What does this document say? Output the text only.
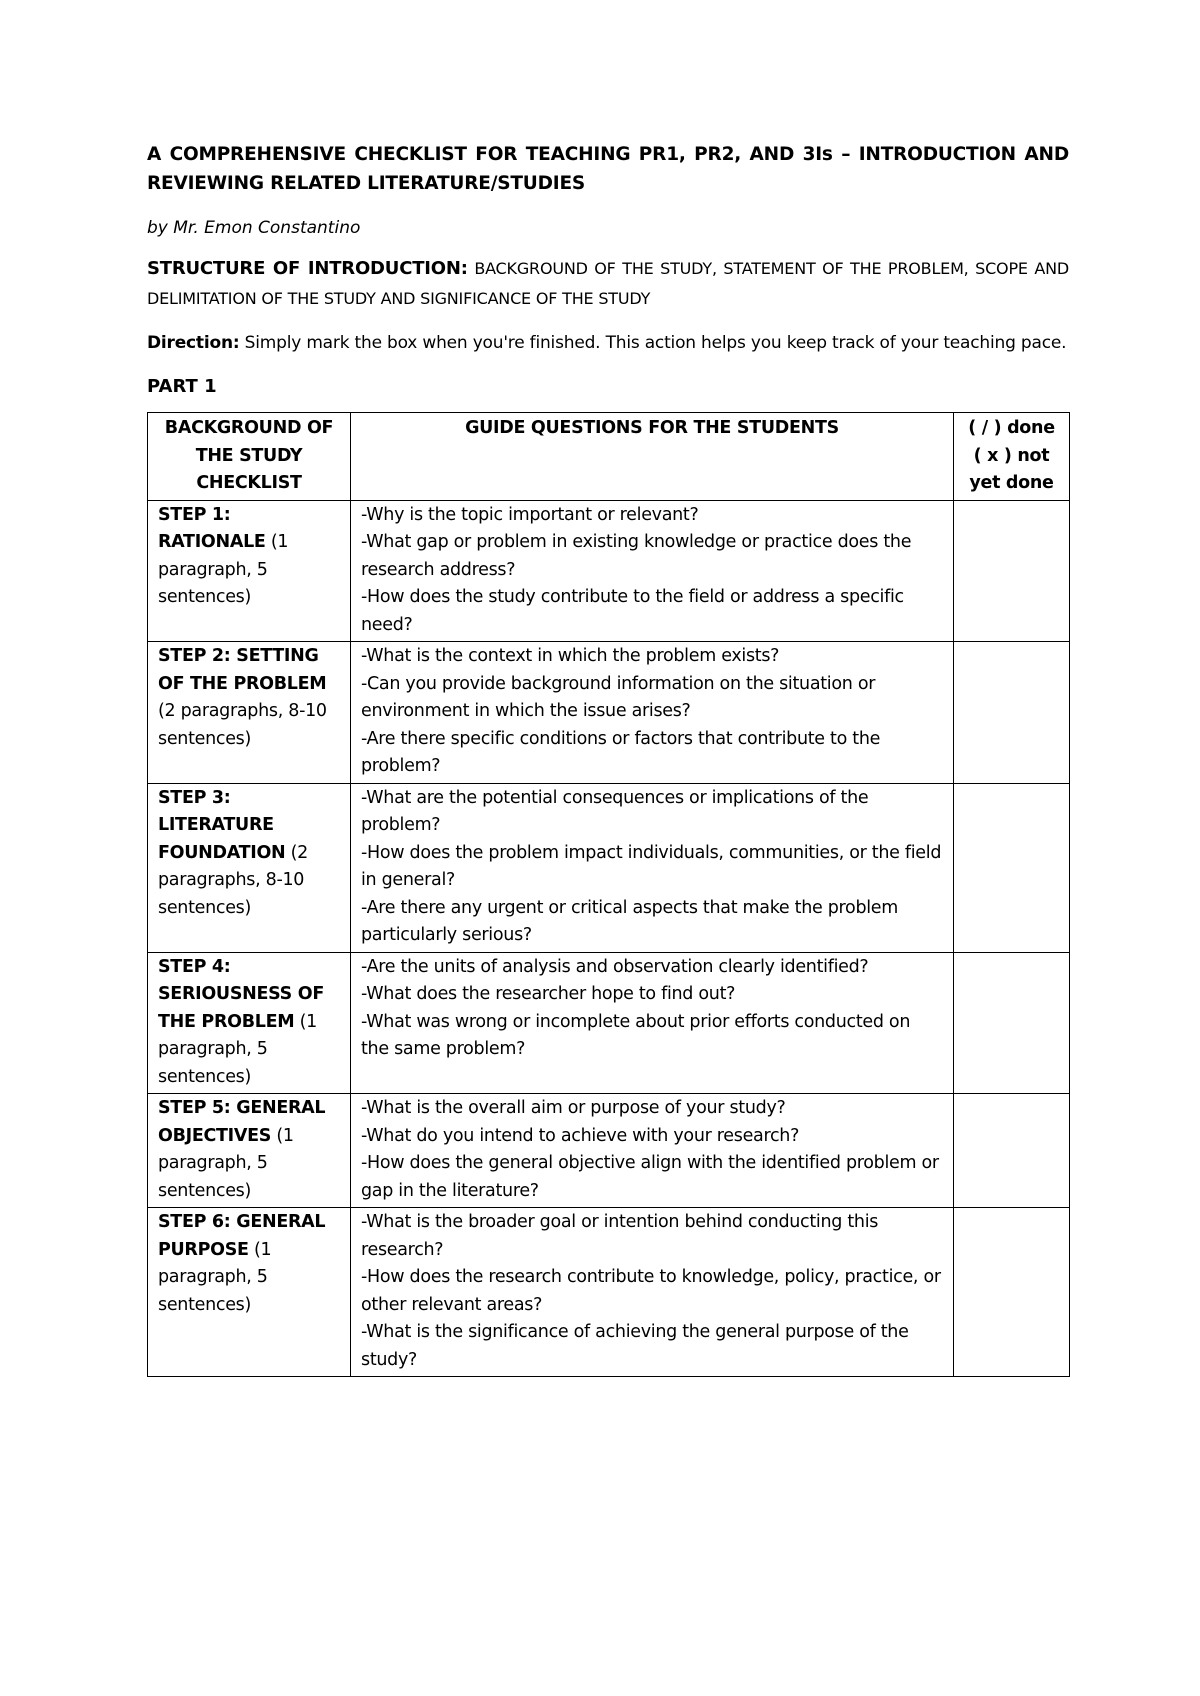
A COMPREHENSIVE CHECKLIST FOR TEACHING PR1, PR2, AND 3Is – INTRODUCTION AND REVIEWING RELATED LITERATURE/STUDIES

by Mr. Emon Constantino

STRUCTURE OF INTRODUCTION: BACKGROUND OF THE STUDY, STATEMENT OF THE PROBLEM, SCOPE AND DELIMITATION OF THE STUDY AND SIGNIFICANCE OF THE STUDY

Direction: Simply mark the box when you're finished. This action helps you keep track of your teaching pace.

PART 1

BACKGROUND OF THE STUDY CHECKLIST	GUIDE QUESTIONS FOR THE STUDENTS	( / ) done
( x ) not yet done

STEP 1: RATIONALE (1 paragraph, 5 sentences)	-Why is the topic important or relevant?
-What gap or problem in existing knowledge or practice does the research address?
-How does the study contribute to the field or address a specific need?	

STEP 2: SETTING OF THE PROBLEM (2 paragraphs, 8-10 sentences)	-What is the context in which the problem exists?
-Can you provide background information on the situation or environment in which the issue arises?
-Are there specific conditions or factors that contribute to the problem?	

STEP 3: LITERATURE FOUNDATION (2 paragraphs, 8-10 sentences)	-What are the potential consequences or implications of the problem?
-How does the problem impact individuals, communities, or the field in general?
-Are there any urgent or critical aspects that make the problem particularly serious?	

STEP 4: SERIOUSNESS OF THE PROBLEM (1 paragraph, 5 sentences)	-Are the units of analysis and observation clearly identified?
-What does the researcher hope to find out?
-What was wrong or incomplete about prior efforts conducted on the same problem?	

STEP 5: GENERAL OBJECTIVES (1 paragraph, 5 sentences)	-What is the overall aim or purpose of your study?
-What do you intend to achieve with your research?
-How does the general objective align with the identified problem or gap in the literature?	

STEP 6: GENERAL PURPOSE (1 paragraph, 5 sentences)	-What is the broader goal or intention behind conducting this research?
-How does the research contribute to knowledge, policy, practice, or other relevant areas?
-What is the significance of achieving the general purpose of the study?	
